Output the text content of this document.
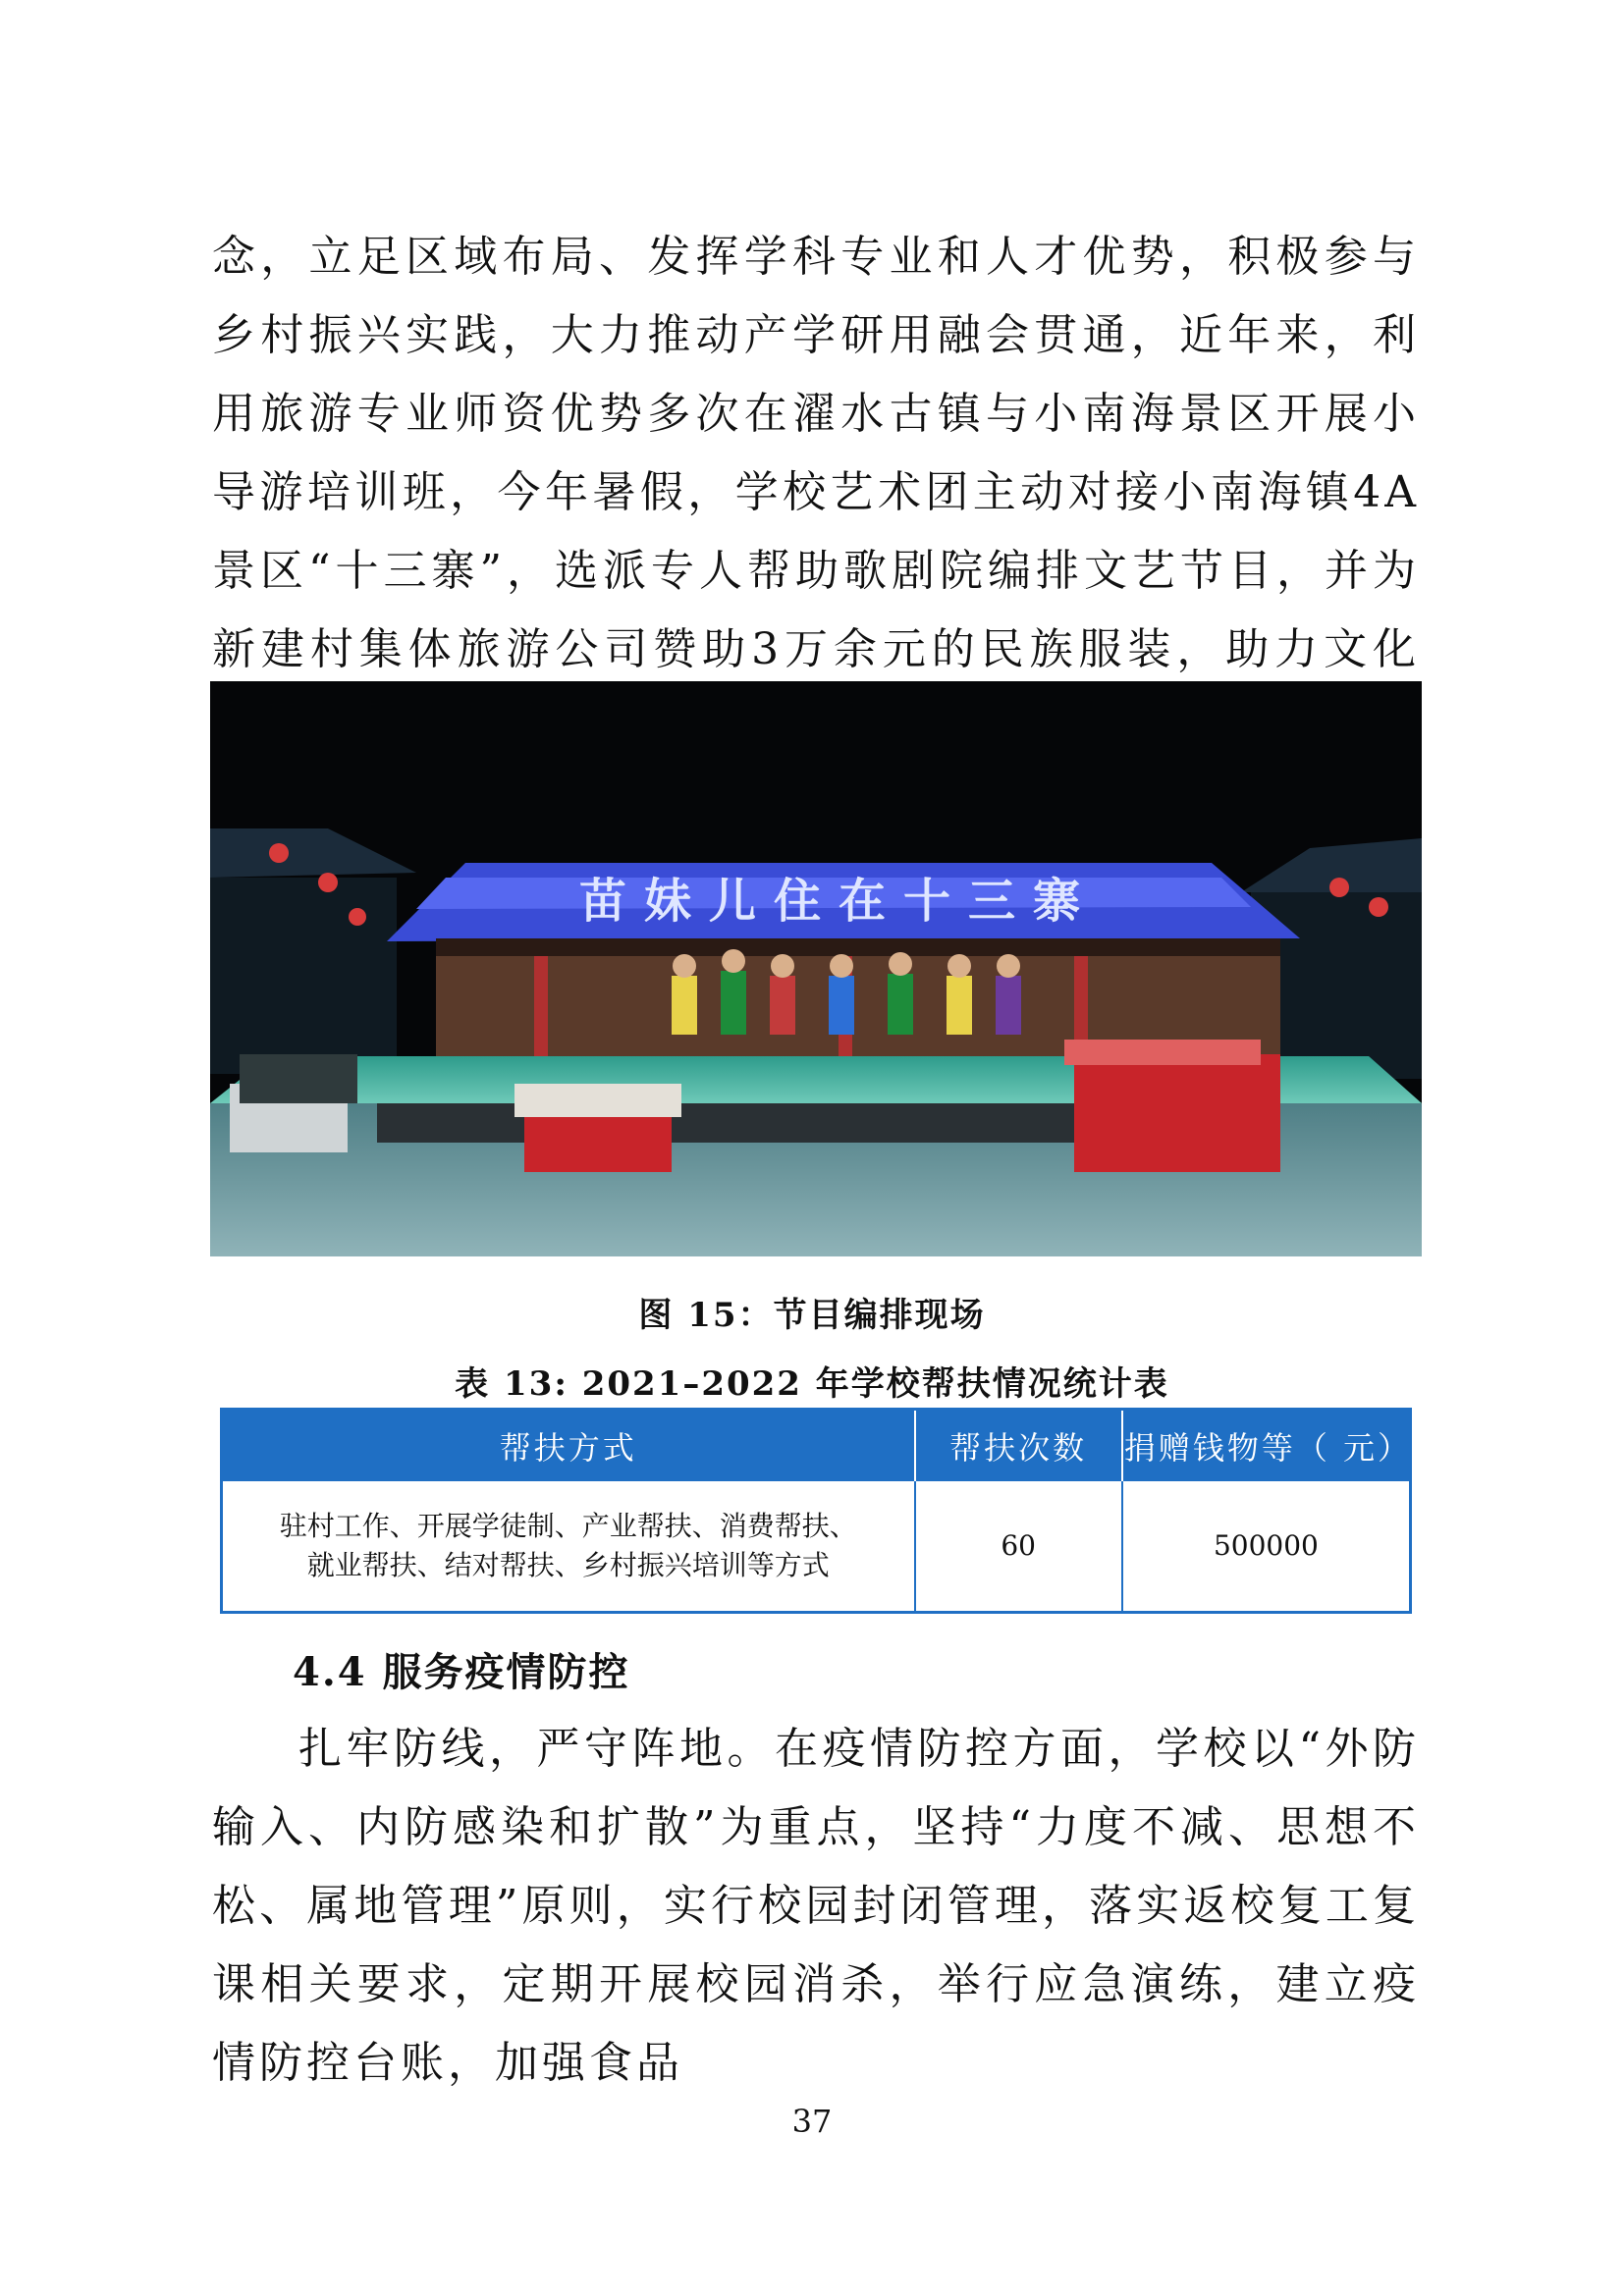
念，立足区域布局、发挥学科专业和人才优势，积极参与乡村振兴实践，大力推动产学研用融会贯通，近年来，利用旅游专业师资优势多次在濯水古镇与小南海景区开展小导游培训班，今年暑假，学校艺术团主动对接小南海镇4A景区“十三寨”，选派专人帮助歌剧院编排文艺节目，并为新建村集体旅游公司赞助3万余元的民族服装，助力文化

苗妹儿住在十三寨

图 15：节目编排现场

表 13: 2021–2022 年学校帮扶情况统计表

帮扶方式	帮扶次数	捐赠钱物等（ 元）

驻村工作、开展学徒制、产业帮扶、消费帮扶、
就业帮扶、结对帮扶、乡村振兴培训等方式	60	500000
4.4 服务疫情防控

扎牢防线，严守阵地。在疫情防控方面，学校以“外防输入、内防感染和扩散”为重点，坚持“力度不减、思想不松、属地管理”原则，实行校园封闭管理，落实返校复工复课相关要求，定期开展校园消杀，举行应急演练，建立疫情防控台账，加强食品

37
